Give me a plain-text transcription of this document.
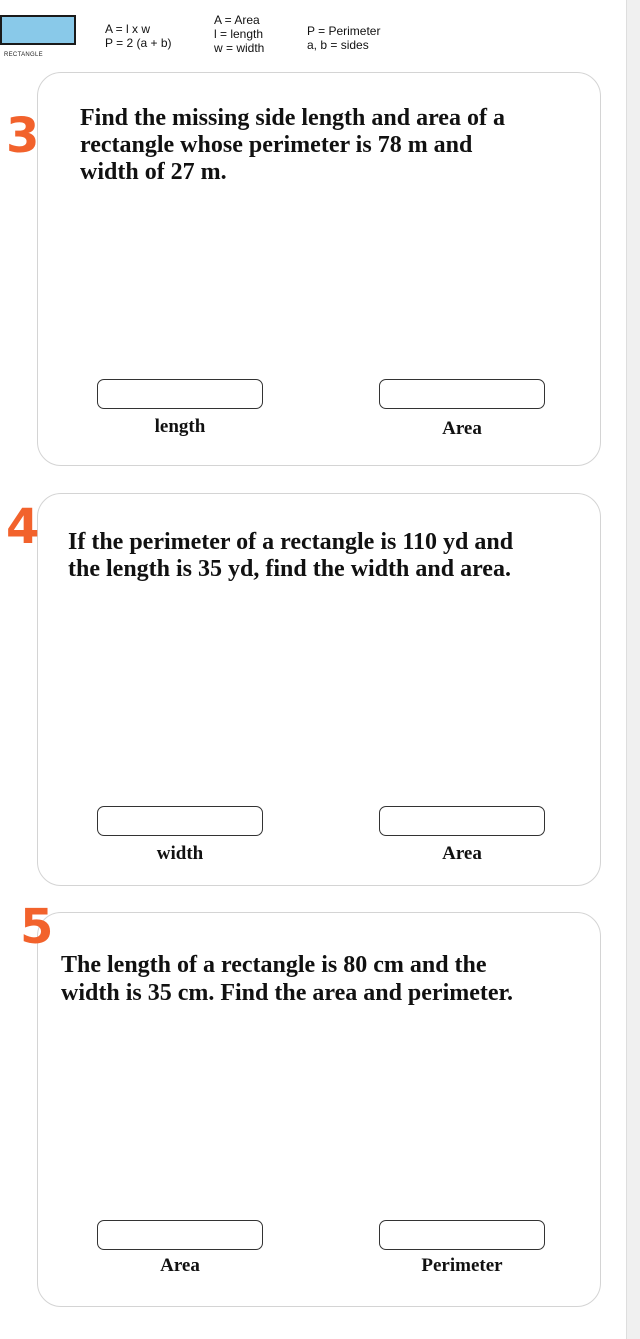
RECTANGLE
A = l x w
P = 2 (a + b)
A = Area
l = length
w = width
P = Perimeter
a, b = sides
3 Find the missing side length and area of a
rectangle whose perimeter is 78 m and
width of 27 m.
length	Area
4 If the perimeter of a rectangle is 110 yd and
the length is 35 yd, find the width and area.
width	Area
5
The length of a rectangle is 80 cm and the
width is 35 cm. Find the area and perimeter.
Area	Perimeter
